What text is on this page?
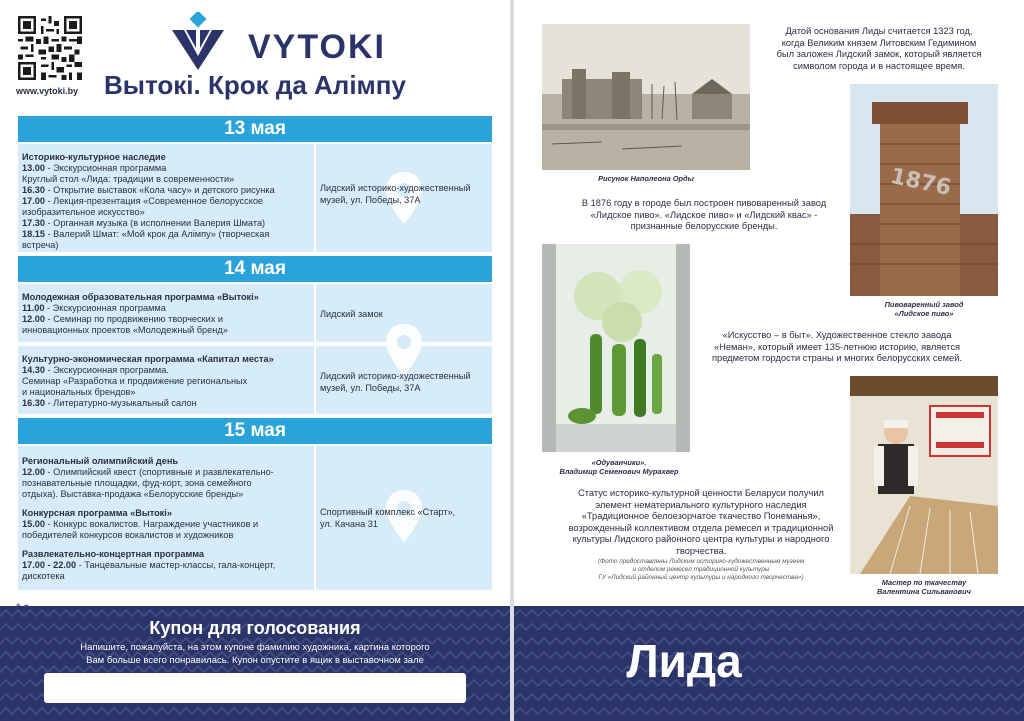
www.vytoki.by
VYTOKI
Вытокі. Крок да Алімпу
13 мая
Историко-культурное наследие
13.00 - Экскурсионная программа
Круглый стол «Лида: традиции в современности»
16.30 - Открытие выставок «Кола часу» и детского рисунка
17.00 - Лекция-презентация «Современное белорусское
изобразительное искусство»
17.30 - Органная музыка (в исполнении Валерия Шмата)
18.15 - Валерий Шмат: «Мой крок да Алімпу» (творческая
встреча)
Лидский историко-художественный
музей, ул. Победы, 37А
14 мая
Молодежная образовательная программа «Вытокі»
11.00 - Экскурсионная программа
12.00 - Семинар по продвижению творческих и
инновационных проектов «Молодежный бренд»
Лидский замок
Культурно-экономическая программа «Капитал места»
14.30 - Экскурсионная программа.
Семинар «Разработка и продвижение региональных
и национальных брендов»
16.30 - Литературно-музыкальный салон
Лидский историко-художественный
музей, ул. Победы, 37А
15 мая
Региональный олимпийский день
12.00 - Олимпийский квест (спортивные и развлекательно-
познавательные площадки, фуд-корт, зона семейного
отдыха). Выставка-продажа «Белорусские бренды»
Конкурсная программа «Вытокі»
15.00 - Конкурс вокалистов. Награждение участников и
победителей конкурсов вокалистов и художников
Развлекательно-концертная программа
17.00 - 22.00 - Танцевальные мастер-классы, гала-концерт,
дискотека
Спортивный комплекс «Старт»,
ул. Качана 31
Купон для голосования
Напишите, пожалуйста, на этом купоне фамилию художника, картина которого
Вам больше всего понравилась. Купон опустите в ящик в выставочном зале
Рисунок Наполеона Орды
Датой основания Лиды считается 1323 год,
когда Великим князем Литовским Гедимином
был заложен Лидский замок, который является
символом города и в настоящее время.
1876
Пивоваренный завод
«Лидское пиво»
В 1876 году в городе был построен пивоваренный завод
«Лидское пиво». «Лидское пиво» и «Лидский квас» -
признанные белорусские бренды.
«Одуванчики».
Владимир Семенович Мурахвер
«Искусство – в быт». Художественное стекло завода
«Неман», который имеет 135-летнюю историю, является
предметом гордости страны и многих белорусских семей.
Мастер по ткачеству
Валентина Сильванович
Статус историко-культурной ценности Беларуси получил
элемент нематериального культурного наследия
«Традиционное белоезорчатое ткачество Понеманья»,
возрожденный коллективом отдела ремесел и традиционной
культуры Лидского районного центра культуры и народного
творчества.
(Фото предоставлены Лидским историко-художественным музеем
и отделом ремесел традиционной культуры
ГУ «Лидский районный центр культуры и народного творчества»)
Лида
